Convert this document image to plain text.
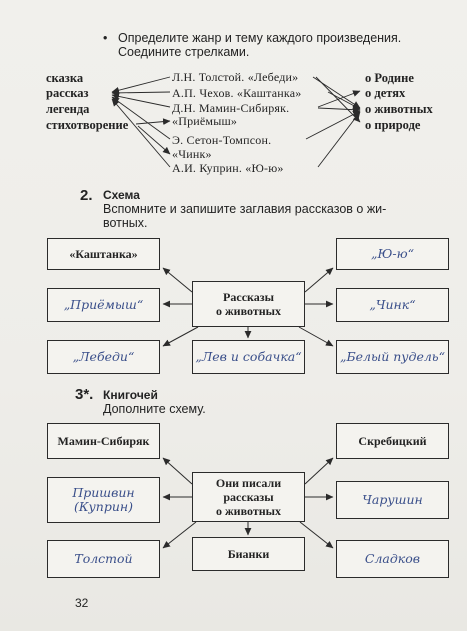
• Определите жанр и тему каждого произведения.
Соедините стрелками.
сказка
рассказ
легенда
стихотворение
Л.Н. Толстой. «Лебеди»
А.П. Чехов. «Каштанка»
Д.Н. Мамин-Сибиряк.
«Приёмыш»
Э. Сетон-Томпсон.
«Чинк»
А.И. Куприн. «Ю-ю»
о Родине
о детях
о животных
о природе
2. Схема
Вспомните и запишите заглавия рассказов о жи-
вотных.
«Каштанка»
„Приёмыш“
„Лебеди“
Рассказы
о животных
„Лев и собачка“
„Ю-ю“
„Чинк“
„Белый пудель“
3*. Книгочей
Дополните схему.
Мамин-Сибиряк
Пришвин
(Куприн)
Толстой
Они писали
рассказы
о животных
Бианки
Скребицкий
Чарушин
Сладков
32
